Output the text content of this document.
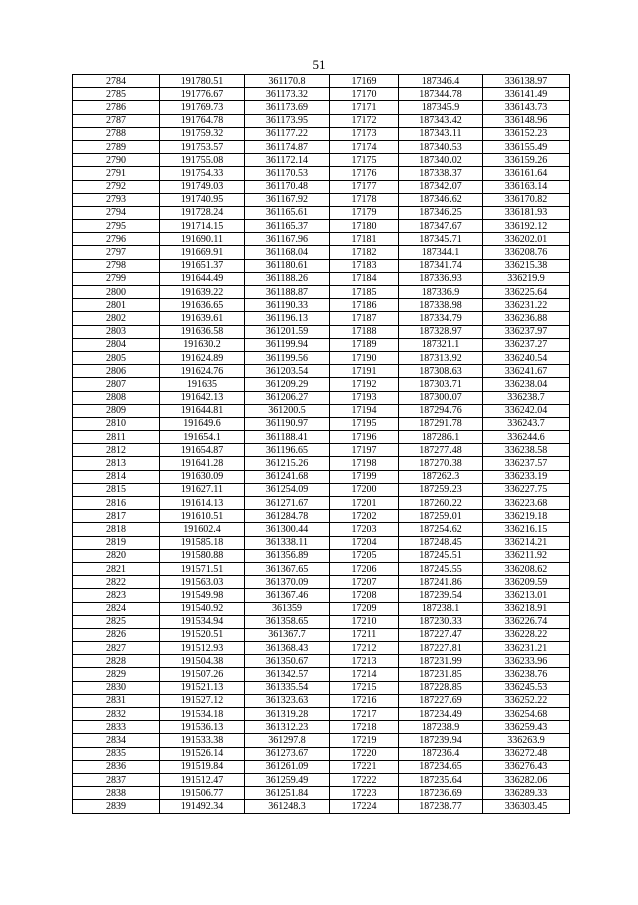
51
2784	191780.51	361170.8	17169	187346.4	336138.97
2785	191776.67	361173.32	17170	187344.78	336141.49
2786	191769.73	361173.69	17171	187345.9	336143.73
2787	191764.78	361173.95	17172	187343.42	336148.96
2788	191759.32	361177.22	17173	187343.11	336152.23
2789	191753.57	361174.87	17174	187340.53	336155.49
2790	191755.08	361172.14	17175	187340.02	336159.26
2791	191754.33	361170.53	17176	187338.37	336161.64
2792	191749.03	361170.48	17177	187342.07	336163.14
2793	191740.95	361167.92	17178	187346.62	336170.82
2794	191728.24	361165.61	17179	187346.25	336181.93
2795	191714.15	361165.37	17180	187347.67	336192.12
2796	191690.11	361167.96	17181	187345.71	336202.01
2797	191669.91	361168.04	17182	187344.1	336208.76
2798	191651.37	361180.61	17183	187341.74	336215.38
2799	191644.49	361188.26	17184	187336.93	336219.9
2800	191639.22	361188.87	17185	187336.9	336225.64
2801	191636.65	361190.33	17186	187338.98	336231.22
2802	191639.61	361196.13	17187	187334.79	336236.88
2803	191636.58	361201.59	17188	187328.97	336237.97
2804	191630.2	361199.94	17189	187321.1	336237.27
2805	191624.89	361199.56	17190	187313.92	336240.54
2806	191624.76	361203.54	17191	187308.63	336241.67
2807	191635	361209.29	17192	187303.71	336238.04
2808	191642.13	361206.27	17193	187300.07	336238.7
2809	191644.81	361200.5	17194	187294.76	336242.04
2810	191649.6	361190.97	17195	187291.78	336243.7
2811	191654.1	361188.41	17196	187286.1	336244.6
2812	191654.87	361196.65	17197	187277.48	336238.58
2813	191641.28	361215.26	17198	187270.38	336237.57
2814	191630.09	361241.68	17199	187262.3	336233.19
2815	191627.11	361254.09	17200	187259.23	336227.75
2816	191614.13	361271.67	17201	187260.22	336223.68
2817	191610.51	361284.78	17202	187259.01	336219.18
2818	191602.4	361300.44	17203	187254.62	336216.15
2819	191585.18	361338.11	17204	187248.45	336214.21
2820	191580.88	361356.89	17205	187245.51	336211.92
2821	191571.51	361367.65	17206	187245.55	336208.62
2822	191563.03	361370.09	17207	187241.86	336209.59
2823	191549.98	361367.46	17208	187239.54	336213.01
2824	191540.92	361359	17209	187238.1	336218.91
2825	191534.94	361358.65	17210	187230.33	336226.74
2826	191520.51	361367.7	17211	187227.47	336228.22
2827	191512.93	361368.43	17212	187227.81	336231.21
2828	191504.38	361350.67	17213	187231.99	336233.96
2829	191507.26	361342.57	17214	187231.85	336238.76
2830	191521.13	361335.54	17215	187228.85	336245.53
2831	191527.12	361323.63	17216	187227.69	336252.22
2832	191534.18	361319.28	17217	187234.49	336254.68
2833	191536.13	361312.23	17218	187238.9	336259.43
2834	191533.38	361297.8	17219	187239.94	336263.9
2835	191526.14	361273.67	17220	187236.4	336272.48
2836	191519.84	361261.09	17221	187234.65	336276.43
2837	191512.47	361259.49	17222	187235.64	336282.06
2838	191506.77	361251.84	17223	187236.69	336289.33
2839	191492.34	361248.3	17224	187238.77	336303.45
